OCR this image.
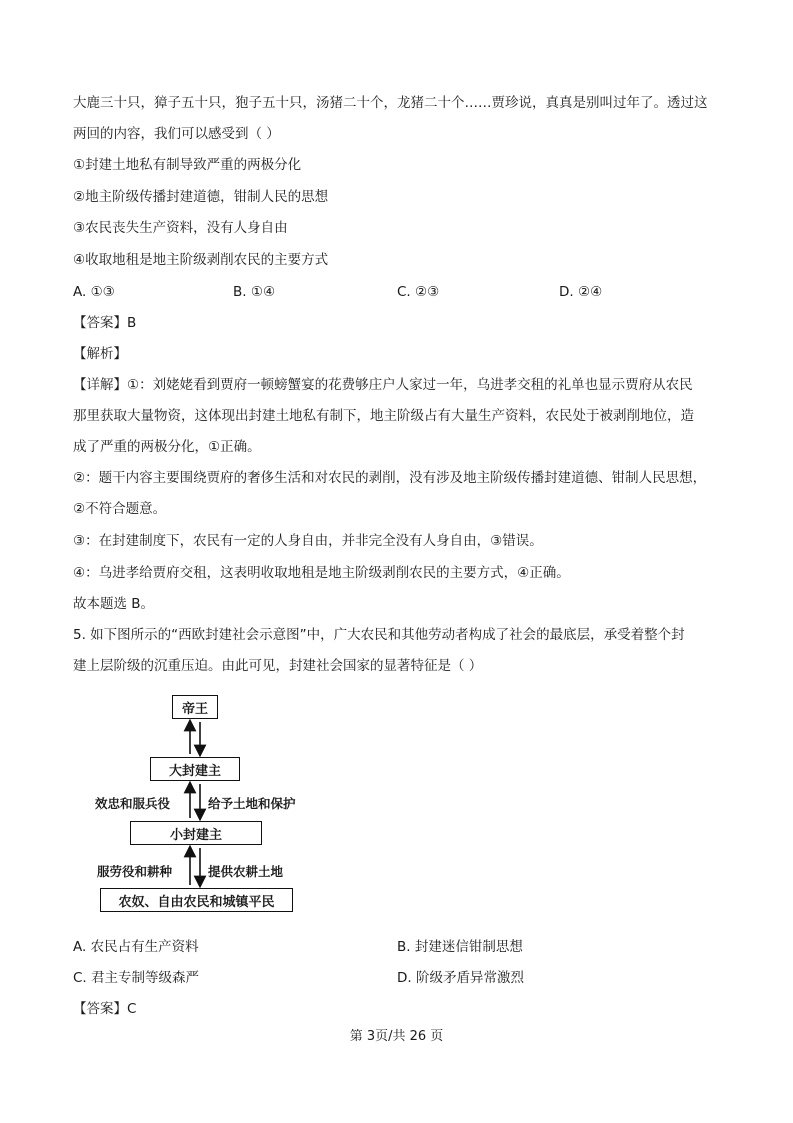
大鹿三十只，獐子五十只，狍子五十只，汤猪二十个，龙猪二十个……贾珍说，真真是别叫过年了。透过这
两回的内容，我们可以感受到（ ）
①封建土地私有制导致严重的两极分化
②地主阶级传播封建道德，钳制人民的思想
③农民丧失生产资料，没有人身自由
④收取地租是地主阶级剥削农民的主要方式
A. ①③	B. ①④	C. ②③	D. ②④
【答案】B
【解析】
【详解】①：刘姥姥看到贾府一顿螃蟹宴的花费够庄户人家过一年，乌进孝交租的礼单也显示贾府从农民
那里获取大量物资，这体现出封建土地私有制下，地主阶级占有大量生产资料，农民处于被剥削地位，造
成了严重的两极分化，①正确。
②：题干内容主要围绕贾府的奢侈生活和对农民的剥削，没有涉及地主阶级传播封建道德、钳制人民思想，
②不符合题意。
③：在封建制度下，农民有一定的人身自由，并非完全没有人身自由，③错误。
④：乌进孝给贾府交租，这表明收取地租是地主阶级剥削农民的主要方式，④正确。
故本题选 B。
5. 如下图所示的“西欧封建社会示意图”中，广大农民和其他劳动者构成了社会的最底层，承受着整个封
建上层阶级的沉重压迫。由此可见，封建社会国家的显著特征是（ ）
帝王
大封建主
小封建主
农奴、自由农民和城镇平民
效忠和服兵役	给予土地和保护
服劳役和耕种	提供农耕土地
A. 农民占有生产资料	B. 封建迷信钳制思想
C. 君主专制等级森严	D. 阶级矛盾异常激烈
【答案】C
第 3页/共 26 页
